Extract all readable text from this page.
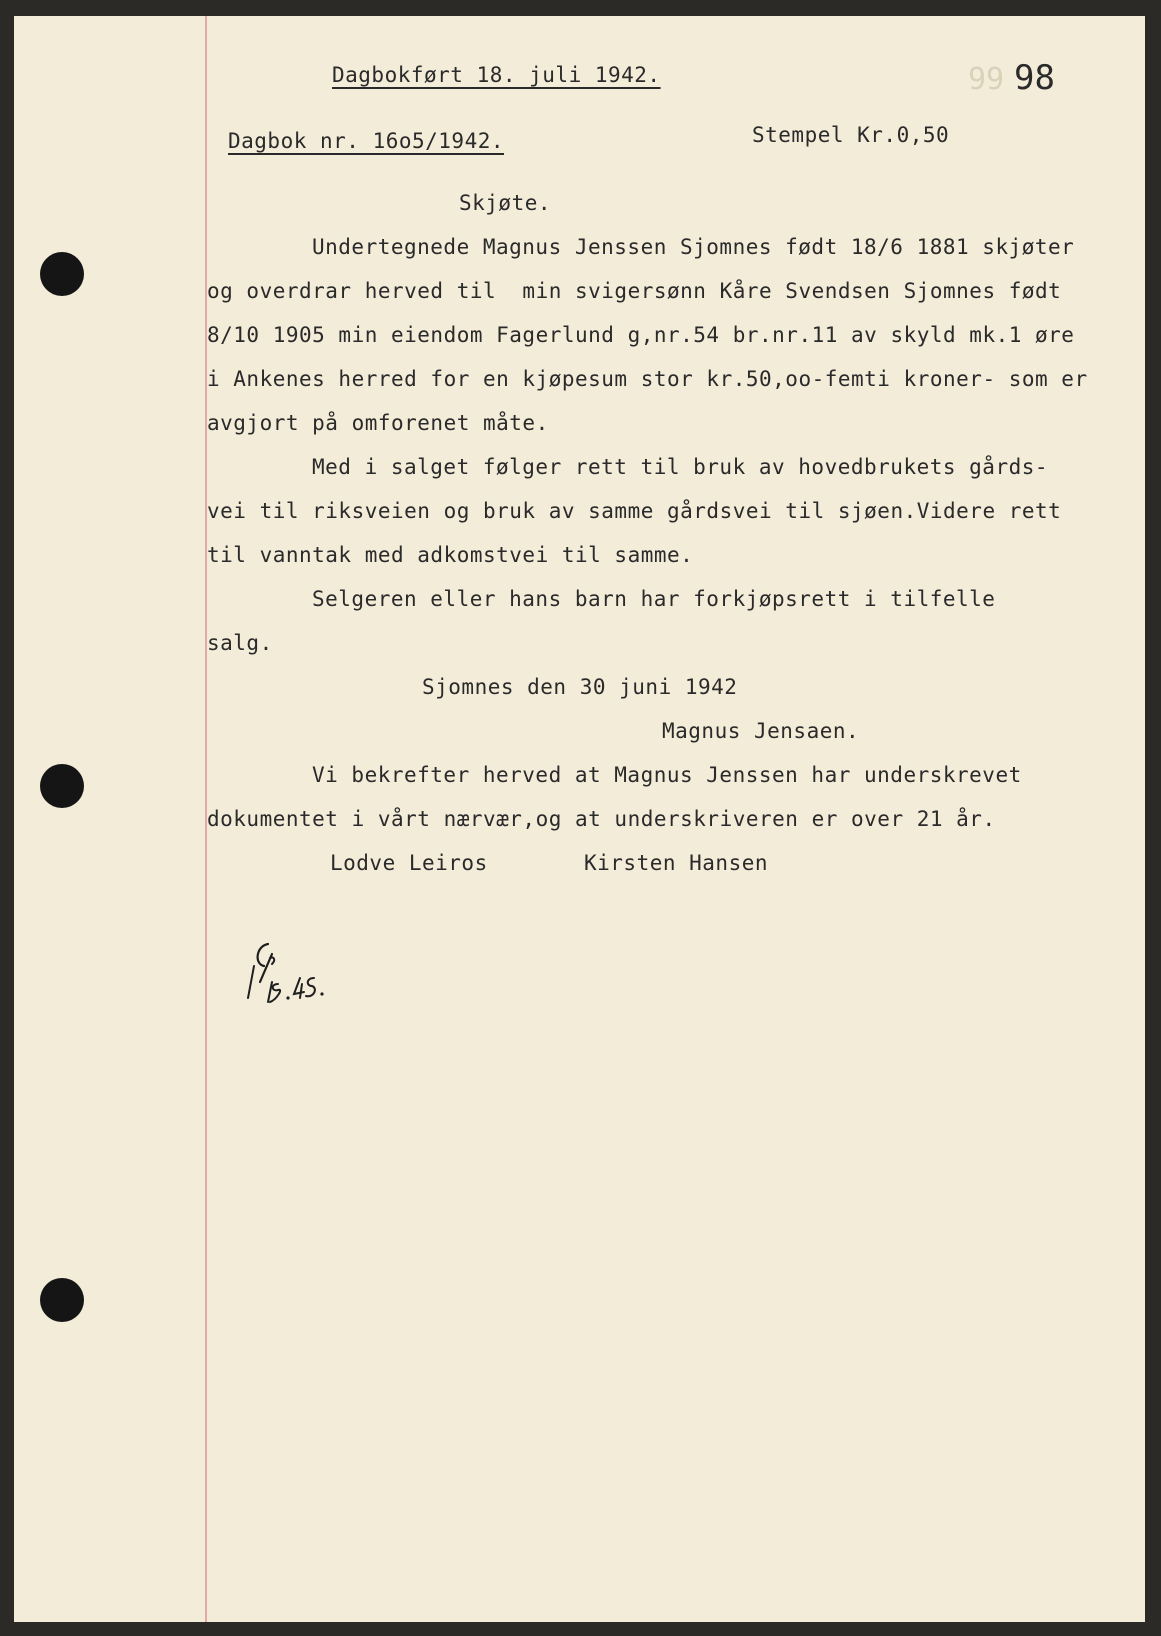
99 98

Dagbokført 18. juli 1942.

Dagbok nr. 16o5/1942.	Stempel Kr.0,50

Skjøte.

Undertegnede Magnus Jenssen Sjomnes født 18/6 1881 skjøter

og overdrar herved til  min svigersønn Kåre Svendsen Sjomnes født

8/10 1905 min eiendom Fagerlund g,nr.54 br.nr.11 av skyld mk.1 øre

i Ankenes herred for en kjøpesum stor kr.50,oo-femti kroner- som er

avgjort på omforenet måte.

Med i salget følger rett til bruk av hovedbrukets gårds-

vei til riksveien og bruk av samme gårdsvei til sjøen.Videre rett

til vanntak med adkomstvei til samme.

Selgeren eller hans barn har forkjøpsrett i tilfelle

salg.

Sjomnes den 30 juni 1942

Magnus Jensaen.

Vi bekrefter herved at Magnus Jenssen har underskrevet

dokumentet i vårt nærvær,og at underskriveren er over 21 år.

Lodve Leiros	Kirsten Hansen
